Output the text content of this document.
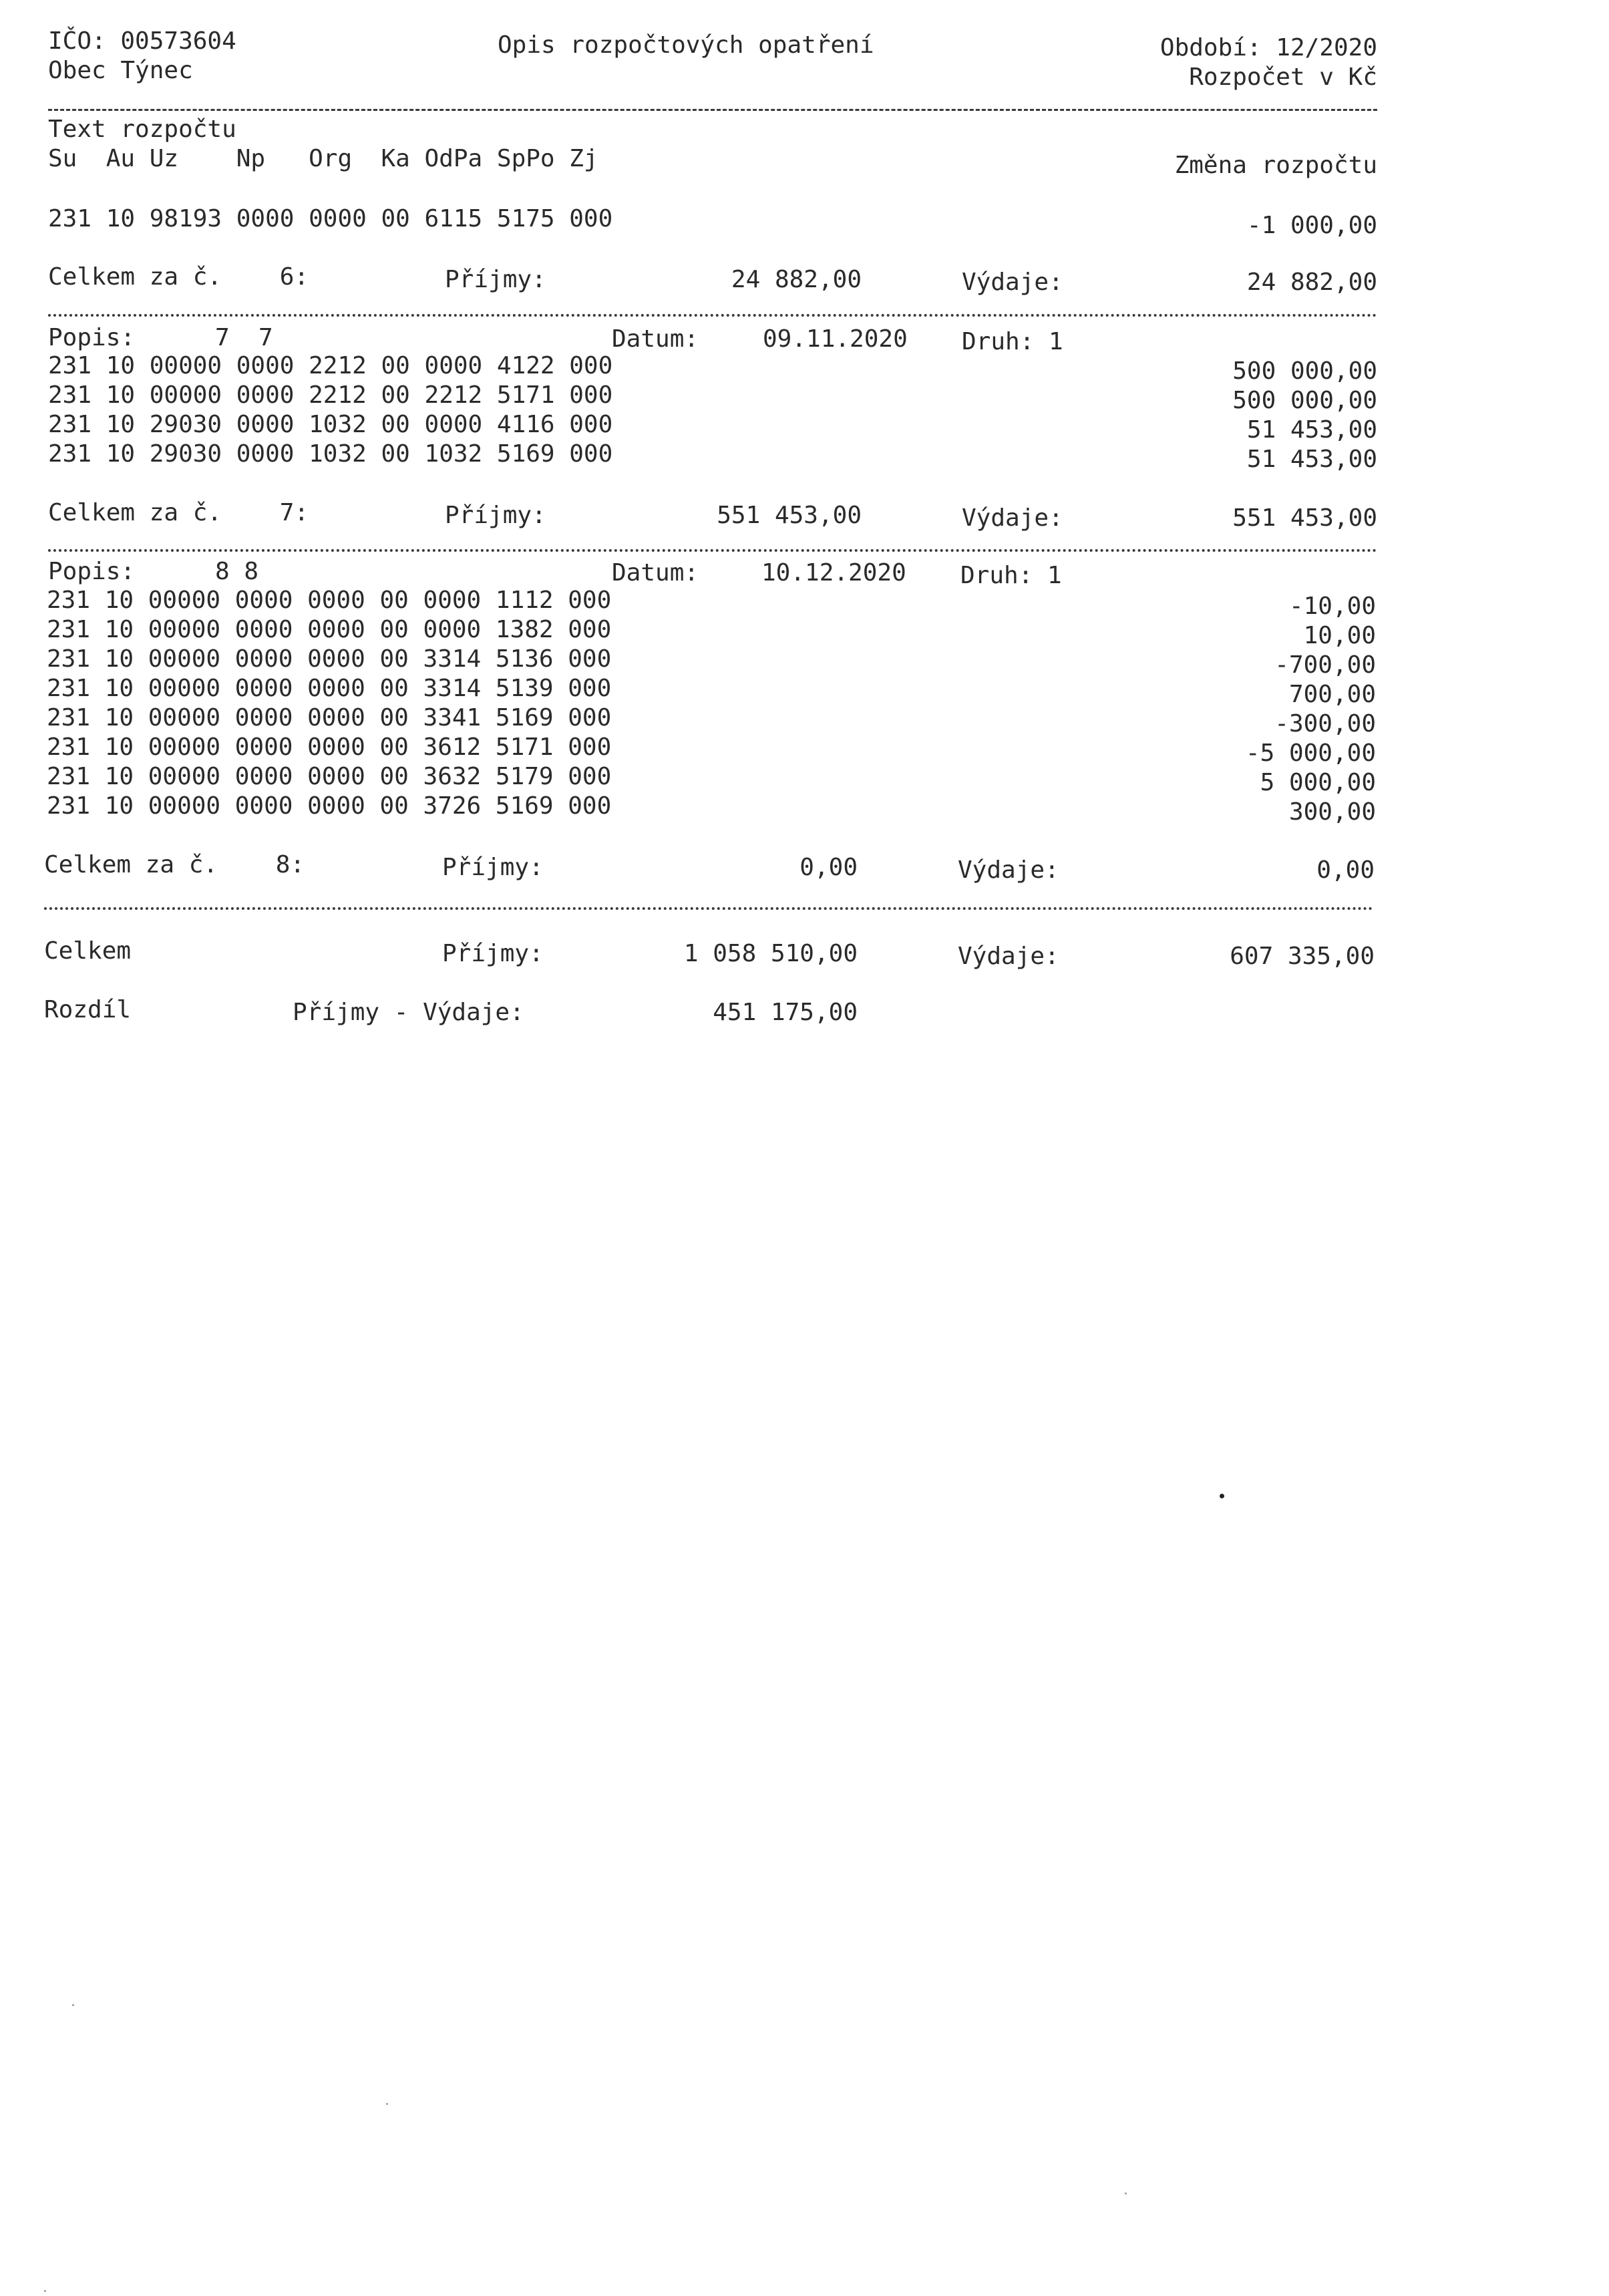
IČO: 00573604
Obec Týnec
Opis rozpočtových opatření	Období: 12/2020
Rozpočet v Kč
Text rozpočtu
Su  Au Uz    Np   Org  Ka OdPa SpPo Zj	Změna rozpočtu
231 10 98193 0000 0000 00 6115 5175 000	-1 000,00
Celkem za č.    6:	Příjmy:	24 882,00	Výdaje:	24 882,00
Popis:	7  7	Datum:	09.11.2020 Druh: 1
231 10 00000 0000 2212 00 0000 4122 000	500 000,00
231 10 00000 0000 2212 00 2212 5171 000	500 000,00
231 10 29030 0000 1032 00 0000 4116 000	51 453,00
231 10 29030 0000 1032 00 1032 5169 000	51 453,00
Celkem za č.    7:	Příjmy:	551 453,00	Výdaje:	551 453,00
Popis:	8 8	Datum:	10.12.2020 Druh: 1
231 10 00000 0000 0000 00 0000 1112 000	-10,00
231 10 00000 0000 0000 00 0000 1382 000	10,00
231 10 00000 0000 0000 00 3314 5136 000	-700,00
231 10 00000 0000 0000 00 3314 5139 000	700,00
231 10 00000 0000 0000 00 3341 5169 000	-300,00
231 10 00000 0000 0000 00 3612 5171 000	-5 000,00
231 10 00000 0000 0000 00 3632 5179 000	5 000,00
231 10 00000 0000 0000 00 3726 5169 000	300,00
Celkem za č.    8:	Příjmy:	0,00	Výdaje:	0,00
Celkem	Příjmy:	1 058 510,00	Výdaje:	607 335,00
Rozdíl	Příjmy - Výdaje:	451 175,00
